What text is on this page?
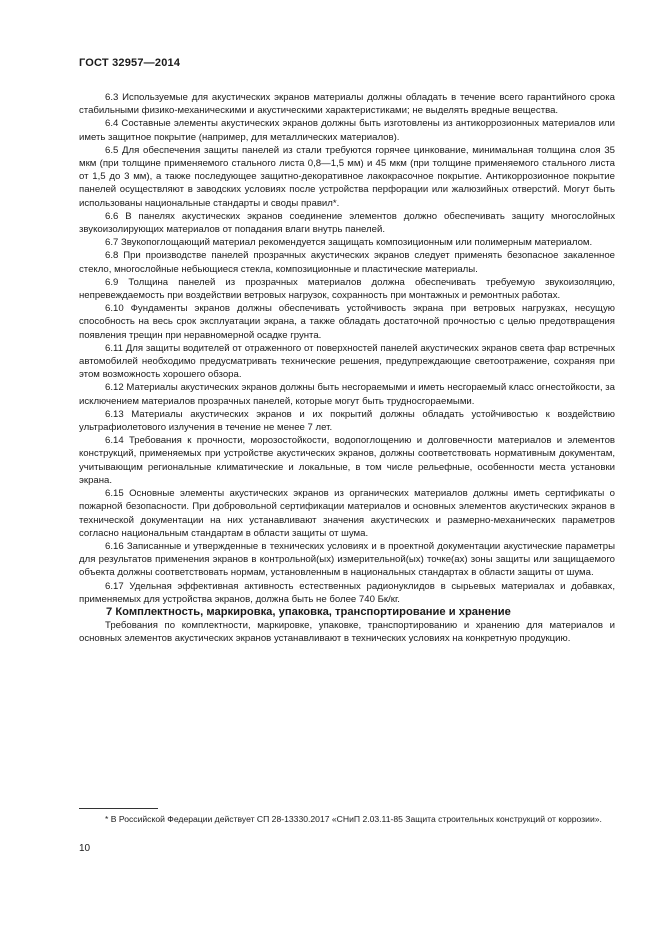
ГОСТ 32957—2014

6.3 Используемые для акустических экранов материалы должны обладать в течение всего гарантийного срока стабильными физико-механическими и акустическими характеристиками; не выделять вредные вещества.

6.4 Составные элементы акустических экранов должны быть изготовлены из антикоррозионных материалов или иметь защитное покрытие (например, для металлических материалов).

6.5 Для обеспечения защиты панелей из стали требуются горячее цинкование, минимальная толщина слоя 35 мкм (при толщине применяемого стального листа 0,8—1,5 мм) и 45 мкм (при толщине применяемого стального листа от 1,5 до 3 мм), а также последующее защитно-декоративное лакокрасочное покрытие. Антикоррозионное покрытие панелей осуществляют в заводских условиях после устройства перфорации или жалюзийных отверстий. Могут быть использованы национальные стандарты и своды правил*.

6.6 В панелях акустических экранов соединение элементов должно обеспечивать защиту многослойных звукоизолирующих материалов от попадания влаги внутрь панелей.

6.7 Звукопоглощающий материал рекомендуется защищать композиционным или полимерным материалом.

6.8 При производстве панелей прозрачных акустических экранов следует применять безопасное закаленное стекло, многослойные небьющиеся стекла, композиционные и пластические материалы.

6.9 Толщина панелей из прозрачных материалов должна обеспечивать требуемую звукоизоляцию, непревеждаемость при воздействии ветровых нагрузок, сохранность при монтажных и ремонтных работах.

6.10 Фундаменты экранов должны обеспечивать устойчивость экрана при ветровых нагрузках, несущую способность на весь срок эксплуатации экрана, а также обладать достаточной прочностью с целью предотвращения появления трещин при неравномерной осадке грунта.

6.11 Для защиты водителей от отраженного от поверхностей панелей акустических экранов света фар встречных автомобилей необходимо предусматривать технические решения, предупреждающие светоотражение, сохраняя при этом возможность хорошего обзора.

6.12 Материалы акустических экранов должны быть несгораемыми и иметь несгораемый класс огнестойкости, за исключением материалов прозрачных панелей, которые могут быть трудносгораемыми.

6.13 Материалы акустических экранов и их покрытий должны обладать устойчивостью к воздействию ультрафиолетового излучения в течение не менее 7 лет.

6.14 Требования к прочности, морозостойкости, водопоглощению и долговечности материалов и элементов конструкций, применяемых при устройстве акустических экранов, должны соответствовать нормативным документам, учитывающим региональные климатические и локальные, в том числе рельефные, особенности места установки экрана.

6.15 Основные элементы акустических экранов из органических материалов должны иметь сертификаты о пожарной безопасности. При добровольной сертификации материалов и основных элементов акустических экранов в технической документации на них устанавливают значения акустических и размерно-механических параметров согласно национальным стандартам в области защиты от шума.

6.16 Записанные и утвержденные в технических условиях и в проектной документации акустические параметры для результатов применения экранов в контрольной(ых) измерительной(ых) точке(ах) зоны защиты или защищаемого объекта должны соответствовать нормам, установленным в национальных стандартах в области защиты от шума.

6.17 Удельная эффективная активность естественных радионуклидов в сырьевых материалах и добавках, применяемых для устройства экранов, должна быть не более 740 Бк/кг.

7 Комплектность, маркировка, упаковка, транспортирование и хранение

Требования по комплектности, маркировке, упаковке, транспортированию и хранению для материалов и основных элементов акустических экранов устанавливают в технических условиях на конкретную продукцию.

* В Российской Федерации действует СП 28-13330.2017 «СНиП 2.03.11-85 Защита строительных конструкций от коррозии».

10
